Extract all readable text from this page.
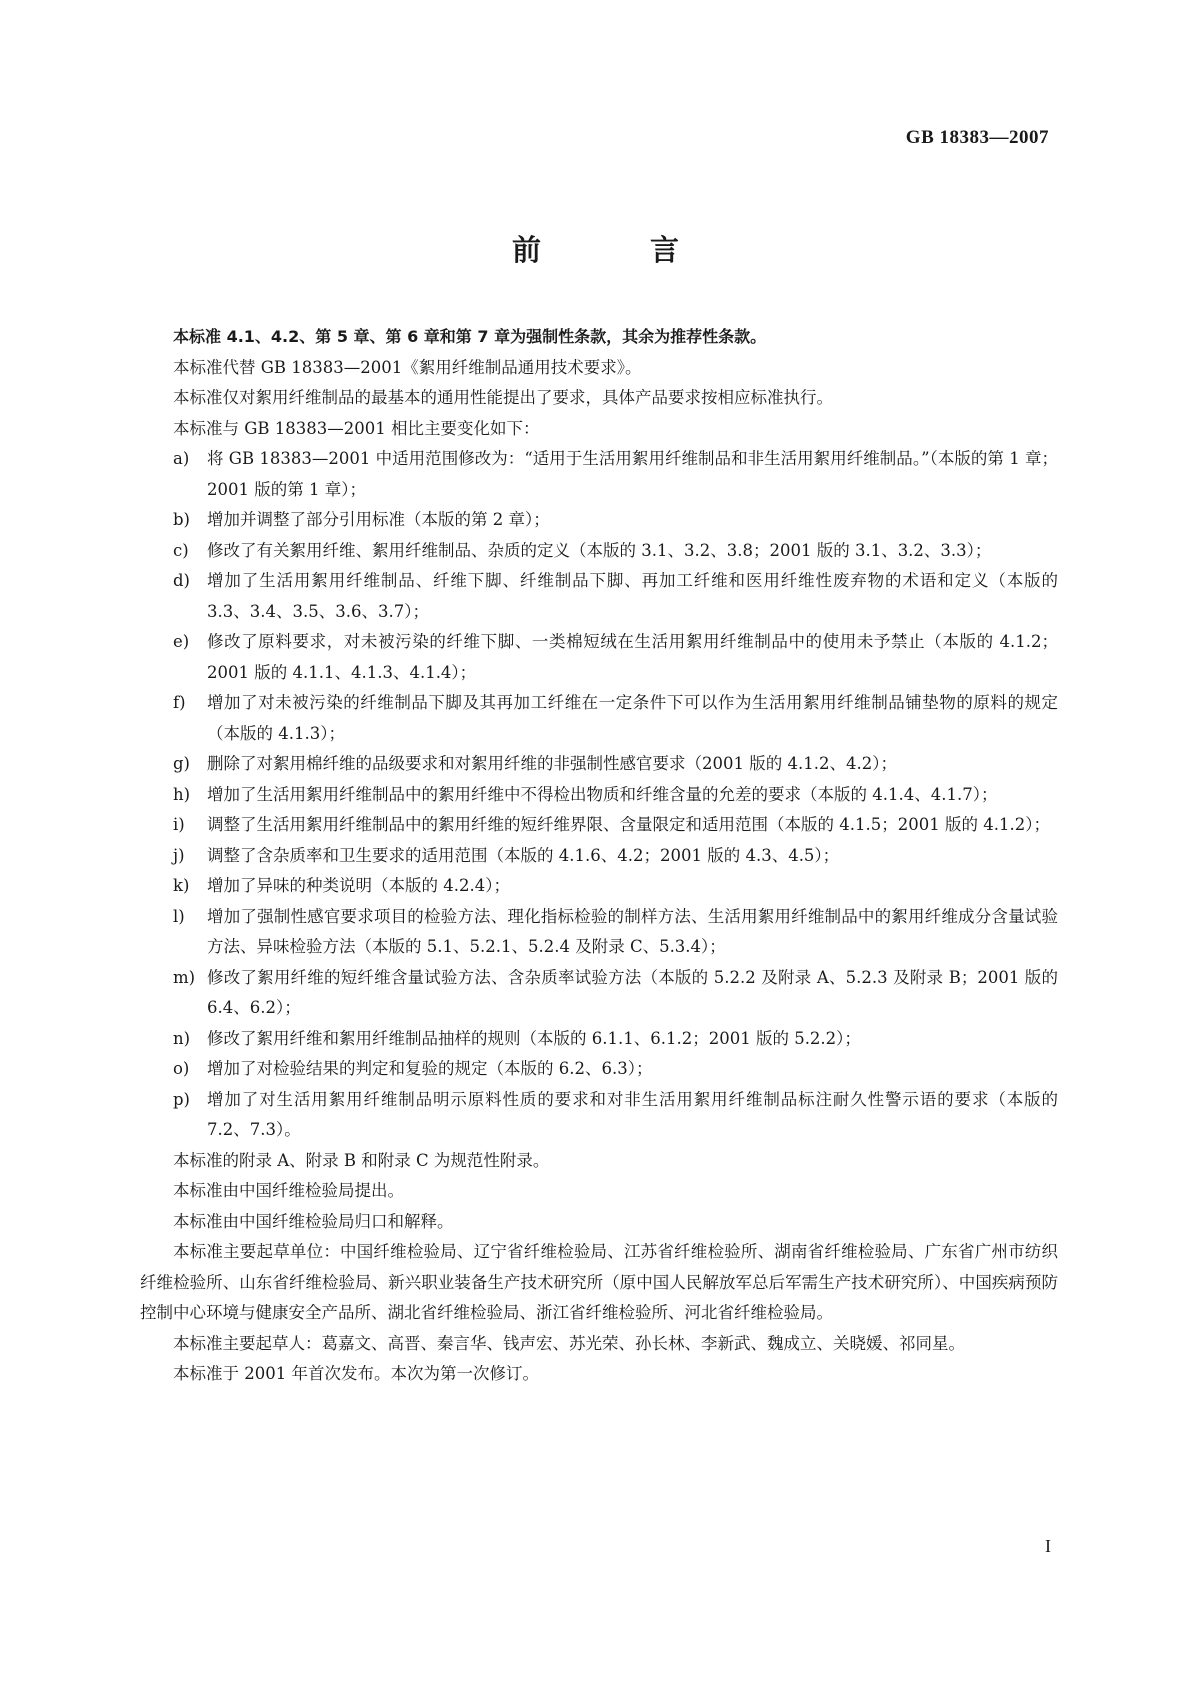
GB 18383—2007
前　言

本标准 4.1、4.2、第 5 章、第 6 章和第 7 章为强制性条款，其余为推荐性条款。

本标准代替 GB 18383—2001《絮用纤维制品通用技术要求》。

本标准仅对絮用纤维制品的最基本的通用性能提出了要求，具体产品要求按相应标准执行。

本标准与 GB 18383—2001 相比主要变化如下：

a)	将 GB 18383—2001 中适用范围修改为：“适用于生活用絮用纤维制品和非生活用絮用纤维制品。”（本版的第 1 章；2001 版的第 1 章）；
b)	增加并调整了部分引用标准（本版的第 2 章）；
c)	修改了有关絮用纤维、絮用纤维制品、杂质的定义（本版的 3.1、3.2、3.8；2001 版的 3.1、3.2、3.3）；
d)	增加了生活用絮用纤维制品、纤维下脚、纤维制品下脚、再加工纤维和医用纤维性废弃物的术语和定义（本版的 3.3、3.4、3.5、3.6、3.7）；
e)	修改了原料要求，对未被污染的纤维下脚、一类棉短绒在生活用絮用纤维制品中的使用未予禁止（本版的 4.1.2；2001 版的 4.1.1、4.1.3、4.1.4）；
f)	增加了对未被污染的纤维制品下脚及其再加工纤维在一定条件下可以作为生活用絮用纤维制品铺垫物的原料的规定（本版的 4.1.3）；
g)	删除了对絮用棉纤维的品级要求和对絮用纤维的非强制性感官要求（2001 版的 4.1.2、4.2）；
h)	增加了生活用絮用纤维制品中的絮用纤维中不得检出物质和纤维含量的允差的要求（本版的 4.1.4、4.1.7）；
i)	调整了生活用絮用纤维制品中的絮用纤维的短纤维界限、含量限定和适用范围（本版的 4.1.5；2001 版的 4.1.2）；
j)	调整了含杂质率和卫生要求的适用范围（本版的 4.1.6、4.2；2001 版的 4.3、4.5）；
k)	增加了异味的种类说明（本版的 4.2.4）；
l)	增加了强制性感官要求项目的检验方法、理化指标检验的制样方法、生活用絮用纤维制品中的絮用纤维成分含量试验方法、异味检验方法（本版的 5.1、5.2.1、5.2.4 及附录 C、5.3.4）；
m) 修改了絮用纤维的短纤维含量试验方法、含杂质率试验方法（本版的 5.2.2 及附录 A、5.2.3 及附录 B；2001 版的 6.4、6.2）；
n)	修改了絮用纤维和絮用纤维制品抽样的规则（本版的 6.1.1、6.1.2；2001 版的 5.2.2）；
o)	增加了对检验结果的判定和复验的规定（本版的 6.2、6.3）；
p)	增加了对生活用絮用纤维制品明示原料性质的要求和对非生活用絮用纤维制品标注耐久性警示语的要求（本版的 7.2、7.3）。

本标准的附录 A、附录 B 和附录 C 为规范性附录。

本标准由中国纤维检验局提出。

本标准由中国纤维检验局归口和解释。

本标准主要起草单位：中国纤维检验局、辽宁省纤维检验局、江苏省纤维检验所、湖南省纤维检验局、广东省广州市纺织纤维检验所、山东省纤维检验局、新兴职业装备生产技术研究所（原中国人民解放军总后军需生产技术研究所）、中国疾病预防控制中心环境与健康安全产品所、湖北省纤维检验局、浙江省纤维检验所、河北省纤维检验局。

本标准主要起草人：葛嘉文、高晋、秦言华、钱声宏、苏光荣、孙长林、李新武、魏成立、关晓媛、祁同星。

本标准于 2001 年首次发布。本次为第一次修订。

I
